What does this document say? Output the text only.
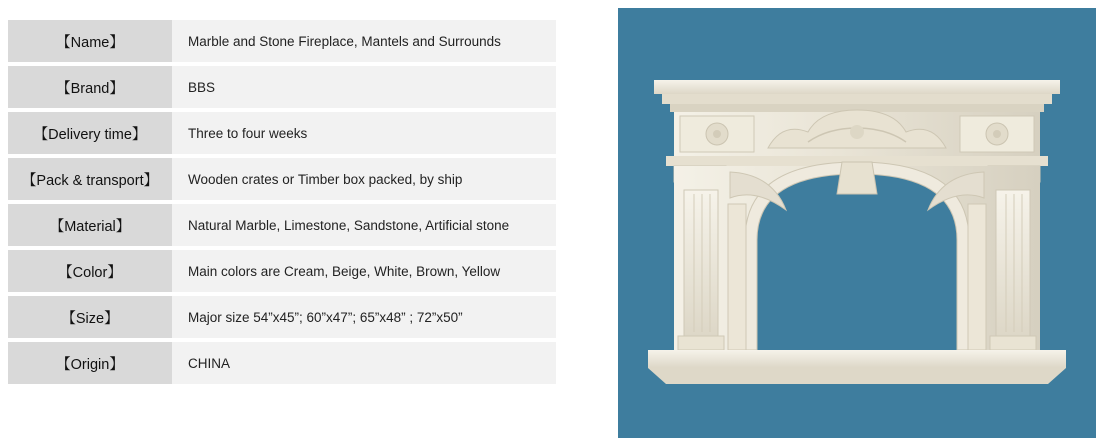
【Name】	Marble and Stone Fireplace, Mantels and Surrounds
【Brand】	BBS
【Delivery time】	Three to four weeks
【Pack & transport】	Wooden crates or Timber box packed, by ship
【Material】	Natural Marble, Limestone, Sandstone, Artificial stone
【Color】	Main colors are Cream, Beige, White, Brown, Yellow
【Size】	Major size 54”x45”; 60”x47”; 65”x48” ; 72”x50”
【Origin】	CHINA
